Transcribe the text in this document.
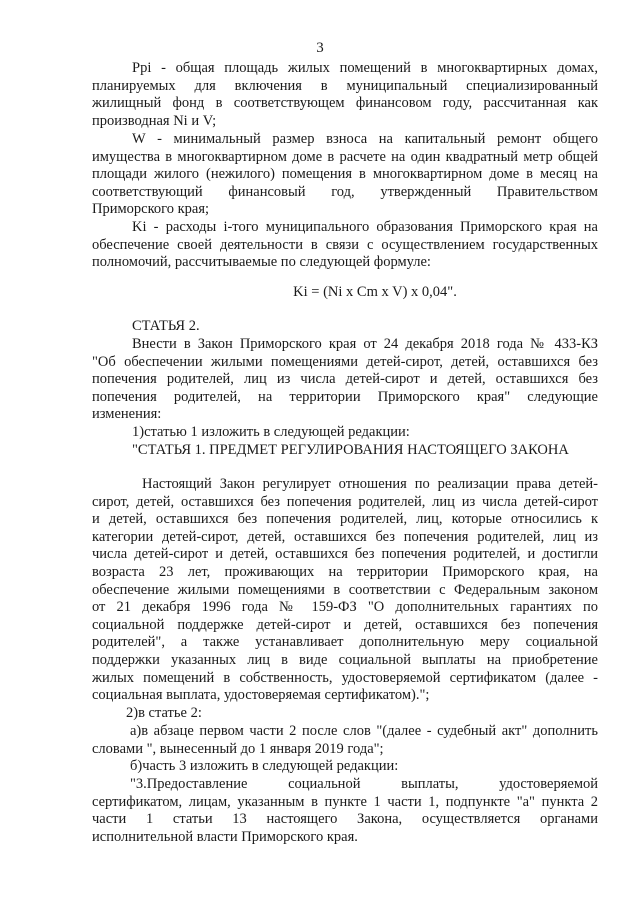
3
Ppi - общая площадь жилых помещений в многоквартирных домах,
планируемых для включения в муниципальный специализированный
жилищный фонд в соответствующем финансовом году, рассчитанная как
производная Ni и V;
W - минимальный размер взноса на капитальный ремонт общего
имущества в многоквартирном доме в расчете на один квадратный метр общей
площади жилого (нежилого) помещения в многоквартирном доме в месяц на
соответствующий финансовый год, утвержденный Правительством
Приморского края;
Ki - расходы i-того муниципального образования Приморского края на
обеспечение своей деятельности в связи с осуществлением государственных
полномочий, рассчитываемые по следующей формуле:
Ki = (Ni x Cm x V) x 0,04".
СТАТЬЯ 2.
Внести в Закон Приморского края от 24 декабря 2018 года № 433-КЗ
"Об обеспечении жилыми помещениями детей-сирот, детей, оставшихся без
попечения родителей, лиц из числа детей-сирот и детей, оставшихся без
попечения родителей, на территории Приморского края" следующие
изменения:
1)статью 1 изложить в следующей редакции:
"СТАТЬЯ 1. ПРЕДМЕТ РЕГУЛИРОВАНИЯ НАСТОЯЩЕГО ЗАКОНА
Настоящий Закон регулирует отношения по реализации права детей-
сирот, детей, оставшихся без попечения родителей, лиц из числа детей-сирот
и детей, оставшихся без попечения родителей, лиц, которые относились к
категории детей-сирот, детей, оставшихся без попечения родителей, лиц из
числа детей-сирот и детей, оставшихся без попечения родителей, и достигли
возраста 23 лет, проживающих на территории Приморского края, на
обеспечение жилыми помещениями в соответствии с Федеральным законом
от 21 декабря 1996 года № 159-ФЗ "О дополнительных гарантиях по
социальной поддержке детей-сирот и детей, оставшихся без попечения
родителей", а также устанавливает дополнительную меру социальной
поддержки указанных лиц в виде социальной выплаты на приобретение
жилых помещений в собственность, удостоверяемой сертификатом (далее -
социальная выплата, удостоверяемая сертификатом).";
2)в статье 2:
а)в абзаце первом части 2 после слов "(далее - судебный акт" дополнить
словами ", вынесенный до 1 января 2019 года";
б)часть 3 изложить в следующей редакции:
"3.Предоставление социальной выплаты, удостоверяемой
сертификатом, лицам, указанным в пункте 1 части 1, подпункте "а" пункта 2
части 1 статьи 13 настоящего Закона, осуществляется органами
исполнительной власти Приморского края.
